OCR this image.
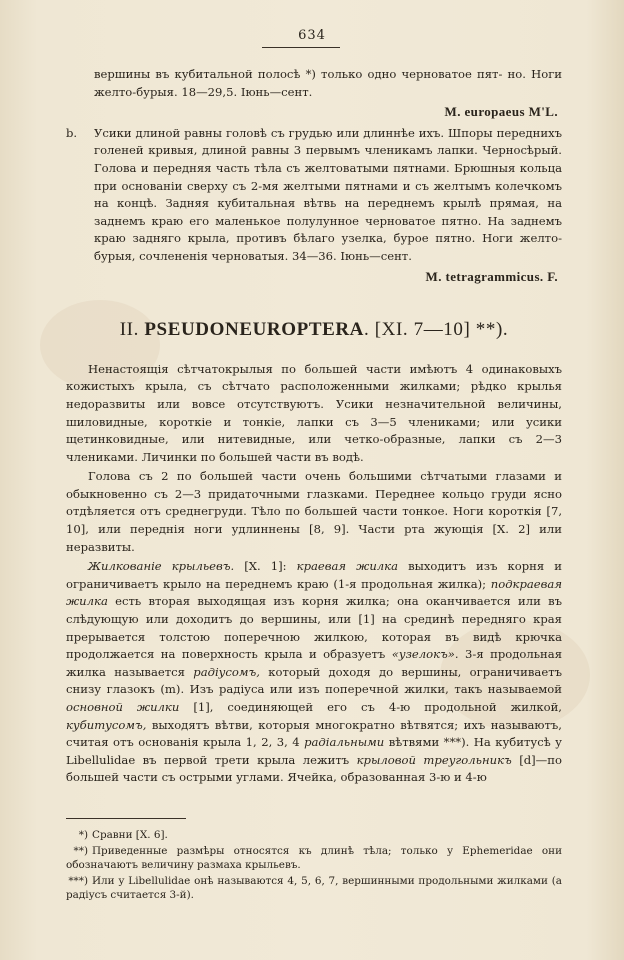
634

вершины въ кубитальной полосѣ *) только одно черноватое пят- но. Ноги желто-бурыя. 18—29,5. Іюнь—сент.

M. europaeus M'L.
b. Усики длиной равны головѣ съ грудью или длиннѣе ихъ. Шпоры переднихъ голеней кривыя, длиной равны 3 первымъ членикамъ лапки. Черносѣрый. Голова и передняя часть тѣла съ желтоватыми пятнами. Брюшныя кольца при основаніи сверху съ 2-мя желтыми пятнами и съ желтымъ колечкомъ на концѣ. Задняя кубитальная вѣтвь на переднемъ крылѣ прямая, на заднемъ краю его маленькое полулунное черноватое пятно. На заднемъ краю задняго крыла, противъ бѣлаго узелка, бурое пятно. Ноги желто-бурыя, сочлененія черноватыя. 34—36. Іюнь—сент.
M. tetragrammicus. F.
II. PSEUDONEUROPTERA. [XI. 7—10] **).

Ненастоящія сѣтчатокрылыя по большей части имѣютъ 4 одинаковыхъ кожистыхъ крыла, съ сѣтчато расположенными жилками; рѣдко крылья недоразвиты или вовсе отсутствуютъ. Усики незначительной величины, шиловидные, короткіе и тонкіе, лапки съ 3—5 члениками; или усики щетинковидные, или нитевидные, или четко-образные, лапки съ 2—3 члениками. Личинки по большей части въ водѣ.

Голова съ 2 по большей части очень большими сѣтчатыми глазами и обыкновенно съ 2—3 придаточными глазками. Переднее кольцо груди ясно отдѣляется отъ среднегруди. Тѣло по большей части тонкое. Ноги короткія [7, 10], или переднія ноги удлиннены [8, 9]. Части рта жующія [X. 2] или неразвиты.

Жилкованіе крыльевъ. [X. 1]: краевая жилка выходитъ изъ корня и ограничиваетъ крыло на переднемъ краю (1-я продольная жилка); подкраевая жилка есть вторая выходящая изъ корня жилка; она оканчивается или въ слѣдующую или доходитъ до вершины, или [1] на срединѣ передняго края прерывается толстою поперечною жилкою, которая въ видѣ крючка продолжается на поверхность крыла и образуетъ «узелокъ». 3-я продольная жилка называется радіусомъ, который доходя до вершины, ограничиваетъ снизу глазокъ (m). Изъ радіуса или изъ поперечной жилки, такъ называемой основной жилки [1], соединяющей его съ 4-ю продольной жилкой, кубитусомъ, выходятъ вѣтви, которыя многократно вѣтвятся; ихъ называютъ, считая отъ основанія крыла 1, 2, 3, 4 радіальными вѣтвями ***). На кубитусѣ у Libellulidae въ первой трети крыла лежитъ крыловой треугольникъ [d]—по большей части съ острыми углами. Ячейка, образованная 3-ю и 4-ю

*) Сравни [X. 6].

**) Приведенные размѣры относятся къ длинѣ тѣла; только у Ephemeridae они обозначаютъ величину размаха крыльевъ.

***) Или у Libellulidae онѣ называются 4, 5, 6, 7, вершинными продольными жилками (а радіусъ считается 3-й).
